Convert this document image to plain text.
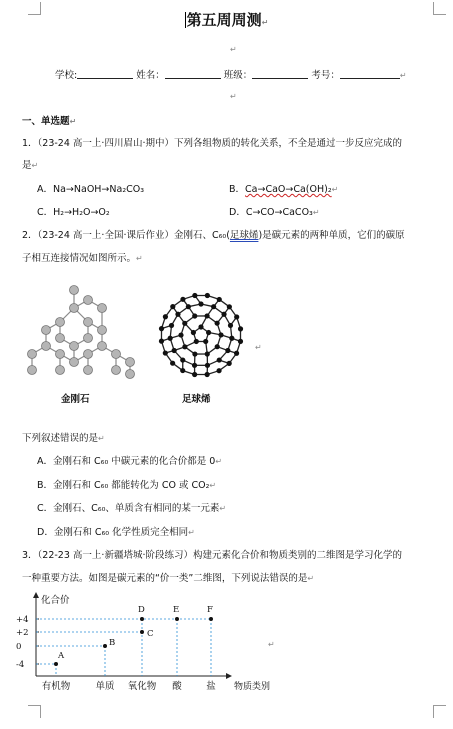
第五周周测↵
↵
学校:	姓名：	班级：	考号：	↵
↵
一、单选题↵
1．（23-24 高一上·四川眉山·期中）下列各组物质的转化关系，不全是通过一步反应完成的
是↵
A．Na→NaOH→Na₂CO₃	B．Ca→CaO→Ca(OH)₂↵
C．H₂→H₂O→O₂	D．C→CO→CaCO₃↵
2．（23-24 高一上·全国·课后作业）金刚石、C₆₀(足球烯)是碳元素的两种单质，它们的碳原
子相互连接情况如图所示。↵
金刚石	足球烯
↵
下列叙述错误的是↵
A．金刚石和 C₆₀ 中碳元素的化合价都是 0↵
B．金刚石和 C₆₀ 都能转化为 CO 或 CO₂↵
C．金刚石、C₆₀、单质含有相同的某一元素↵
D．金刚石和 C₆₀ 化学性质完全相同↵
3．（22-23 高一上·新疆塔城·阶段练习）构建元素化合价和物质类别的二维图是学习化学的
一种重要方法。如图是碳元素的“价一类”二维图，下列说法错误的是↵
化合价
物质类别
+4
+2
0
-4
A
B
C
D	E	F
有机物	单质 氧化物 酸	盐
↵
